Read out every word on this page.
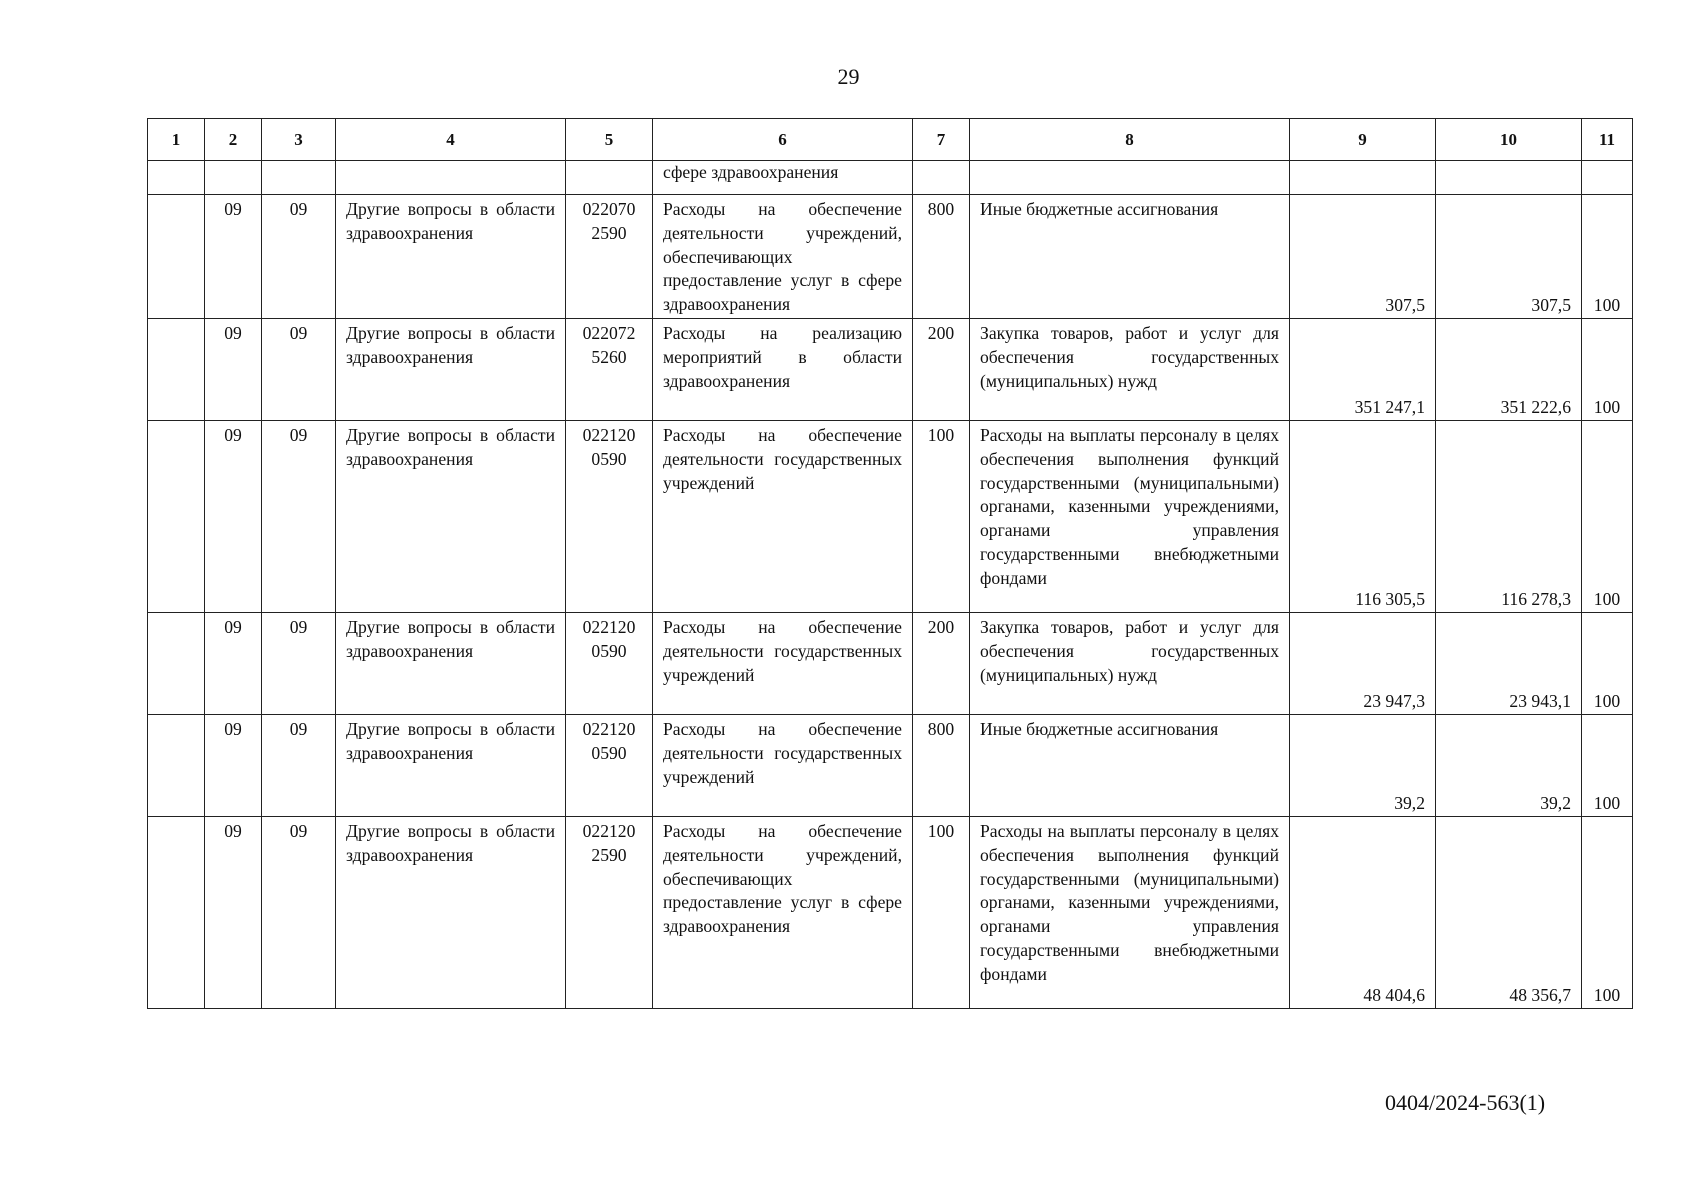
29
1	2	3	4	5	6	7	8	9	10	11
					сфере здравоохранения					
	09	09	Другие вопросы в области здравоохранения	022070 2590	Расходы на обеспечение деятельности учреждений, обеспечивающих предоставление услуг в сфере здравоохранения	800	Иные бюджетные ассигнования	307,5	307,5	100
	09	09	Другие вопросы в области здравоохранения	022072 5260	Расходы на реализацию мероприятий в области здравоохранения	200	Закупка товаров, работ и услуг для обеспечения государственных (муниципальных) нужд	351 247,1	351 222,6	100
	09	09	Другие вопросы в области здравоохранения	022120 0590	Расходы на обеспечение деятельности государственных учреждений	100	Расходы на выплаты персоналу в целях обеспечения выполнения функций государственными (муниципальными) органами, казенными учреждениями, органами управления государственными внебюджетными фондами	116 305,5	116 278,3	100
	09	09	Другие вопросы в области здравоохранения	022120 0590	Расходы на обеспечение деятельности государственных учреждений	200	Закупка товаров, работ и услуг для обеспечения государственных (муниципальных) нужд	23 947,3	23 943,1	100
	09	09	Другие вопросы в области здравоохранения	022120 0590	Расходы на обеспечение деятельности государственных учреждений	800	Иные бюджетные ассигнования	39,2	39,2	100
	09	09	Другие вопросы в области здравоохранения	022120 2590	Расходы на обеспечение деятельности учреждений, обеспечивающих предоставление услуг в сфере здравоохранения	100	Расходы на выплаты персоналу в целях обеспечения выполнения функций государственными (муниципальными) органами, казенными учреждениями, органами управления государственными внебюджетными фондами	48 404,6	48 356,7	100
0404/2024-563(1)
